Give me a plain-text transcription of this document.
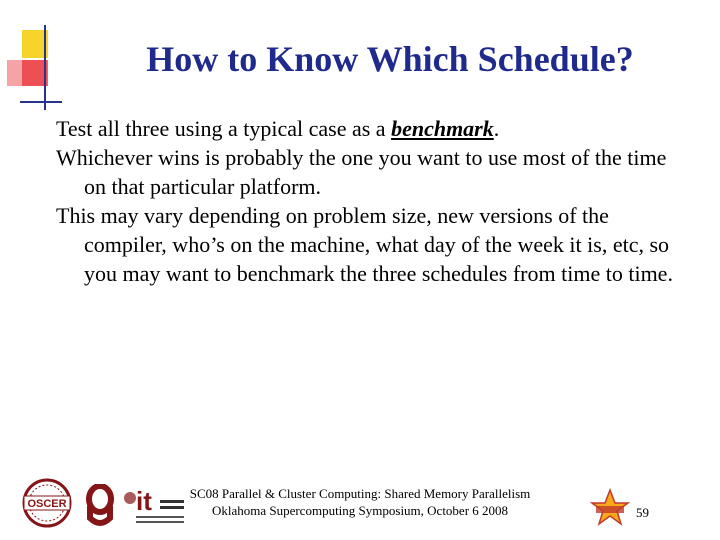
How to Know Which Schedule?

Test all three using a typical case as a benchmark.

Whichever wins is probably the one you want to use most of the time on that particular platform.

This may vary depending on problem size, new versions of the compiler, who’s on the machine, what day of the week it is, etc, so you may want to benchmark the three schedules from time to time.

OSCER	it	SC08 Parallel & Cluster Computing: Shared Memory Parallelism
Oklahoma Supercomputing Symposium, October 6 2008	59
